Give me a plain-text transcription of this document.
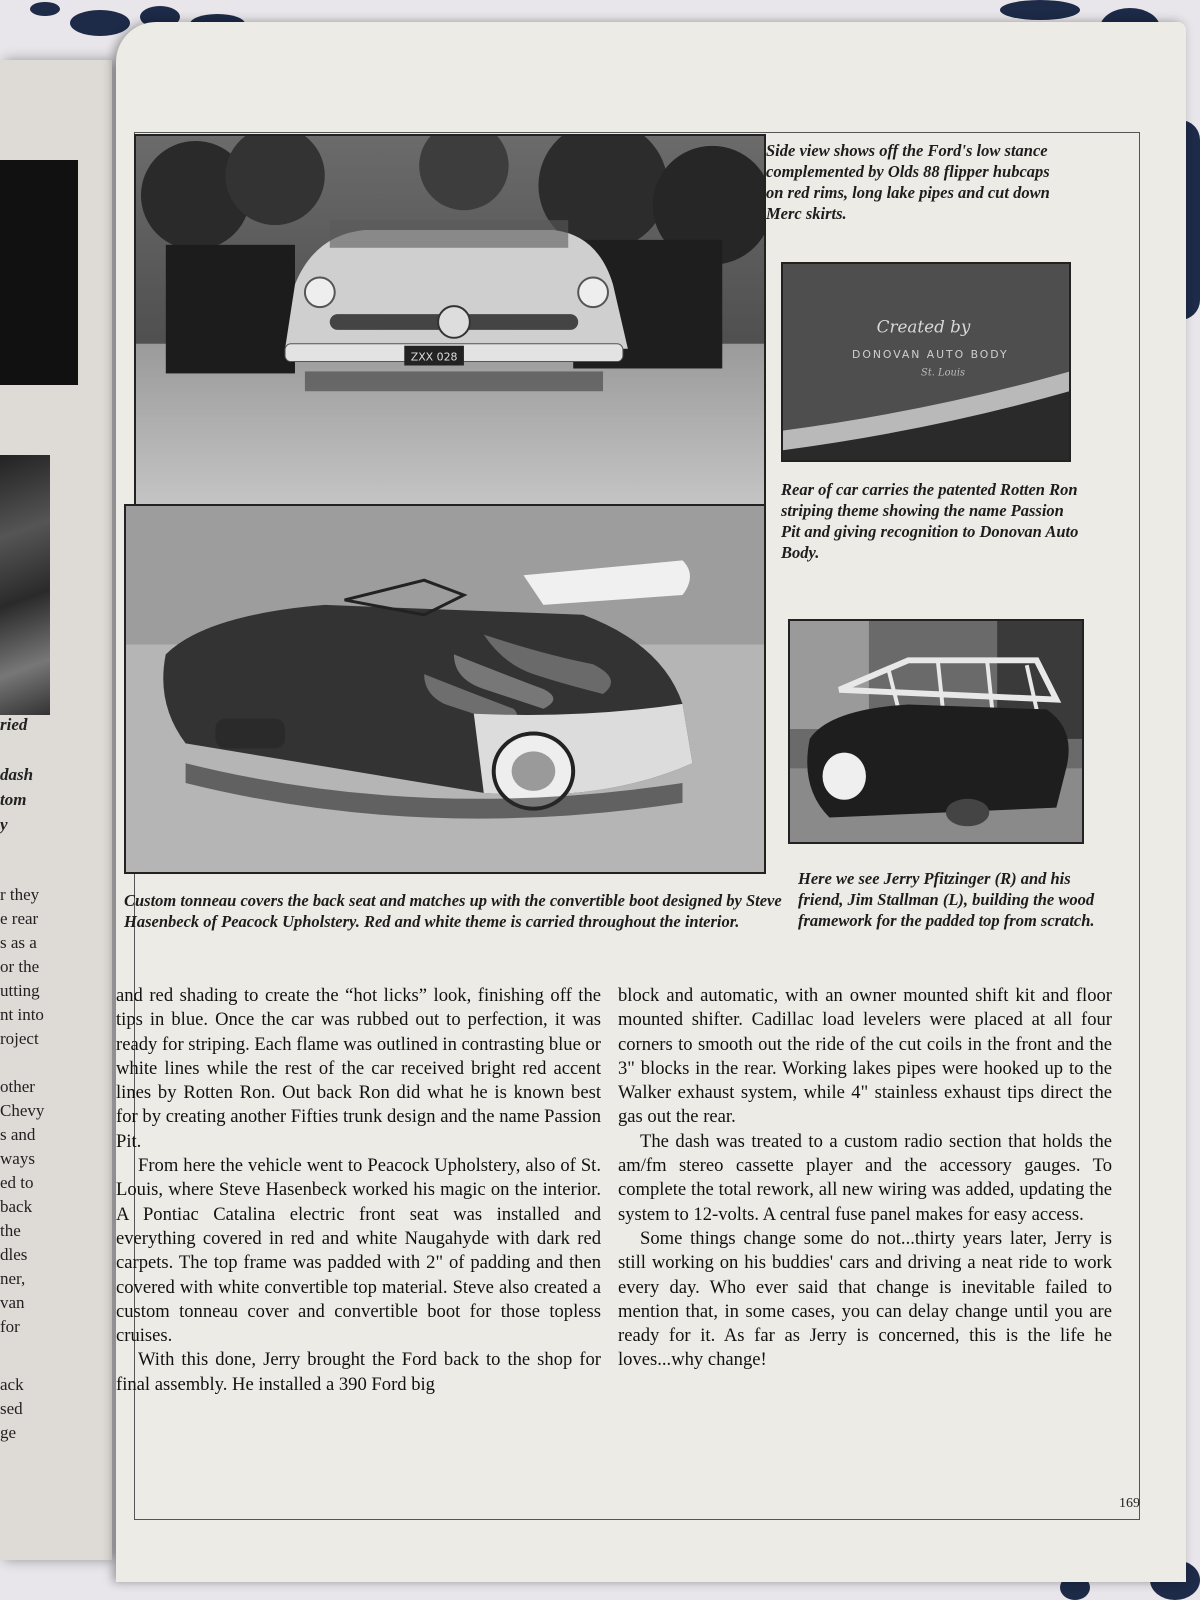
ried
dash
tom
y
r they
e rear
s as a
or the
utting
nt into
roject
other
Chevy
s and
ways
ed to
back
the
dles
ner,
van
for
ack
sed
ge
ZXX 028
Created by
DONOVAN AUTO BODY
St. Louis

Side view shows off the Ford's low stance complemented by Olds 88 flipper hubcaps on red rims, long lake pipes and cut down Merc skirts.

Rear of car carries the patented Rotten Ron striping theme showing the name Passion Pit and giving recognition to Donovan Auto Body.

Custom tonneau covers the back seat and matches up with the convertible boot designed by Steve Hasenbeck of Peacock Upholstery. Red and white theme is carried throughout the interior.

Here we see Jerry Pfitzinger (R) and his friend, Jim Stallman (L), building the wood framework for the padded top from scratch.

and red shading to create the “hot licks” look, finishing off the tips in blue. Once the car was rubbed out to perfection, it was ready for striping. Each flame was outlined in contrasting blue or white lines while the rest of the car received bright red accent lines by Rotten Ron. Out back Ron did what he is known best for by creating another Fifties trunk design and the name Passion Pit.

From here the vehicle went to Peacock Upholstery, also of St. Louis, where Steve Hasenbeck worked his magic on the interior. A Pontiac Catalina electric front seat was installed and everything covered in red and white Naugahyde with dark red carpets. The top frame was padded with 2" of padding and then covered with white convertible top material. Steve also created a custom tonneau cover and convertible boot for those topless cruises.

With this done, Jerry brought the Ford back to the shop for final assembly. He installed a 390 Ford big

block and automatic, with an owner mounted shift kit and floor mounted shifter. Cadillac load levelers were placed at all four corners to smooth out the ride of the cut coils in the front and the 3" blocks in the rear. Working lakes pipes were hooked up to the Walker exhaust system, while 4" stainless exhaust tips direct the gas out the rear.

The dash was treated to a custom radio section that holds the am/fm stereo cassette player and the accessory gauges. To complete the total rework, all new wiring was added, updating the system to 12-volts. A central fuse panel makes for easy access.

Some things change some do not...thirty years later, Jerry is still working on his buddies' cars and driving a neat ride to work every day. Who ever said that change is inevitable failed to mention that, in some cases, you can delay change until you are ready for it. As far as Jerry is concerned, this is the life he loves...why change!

169
